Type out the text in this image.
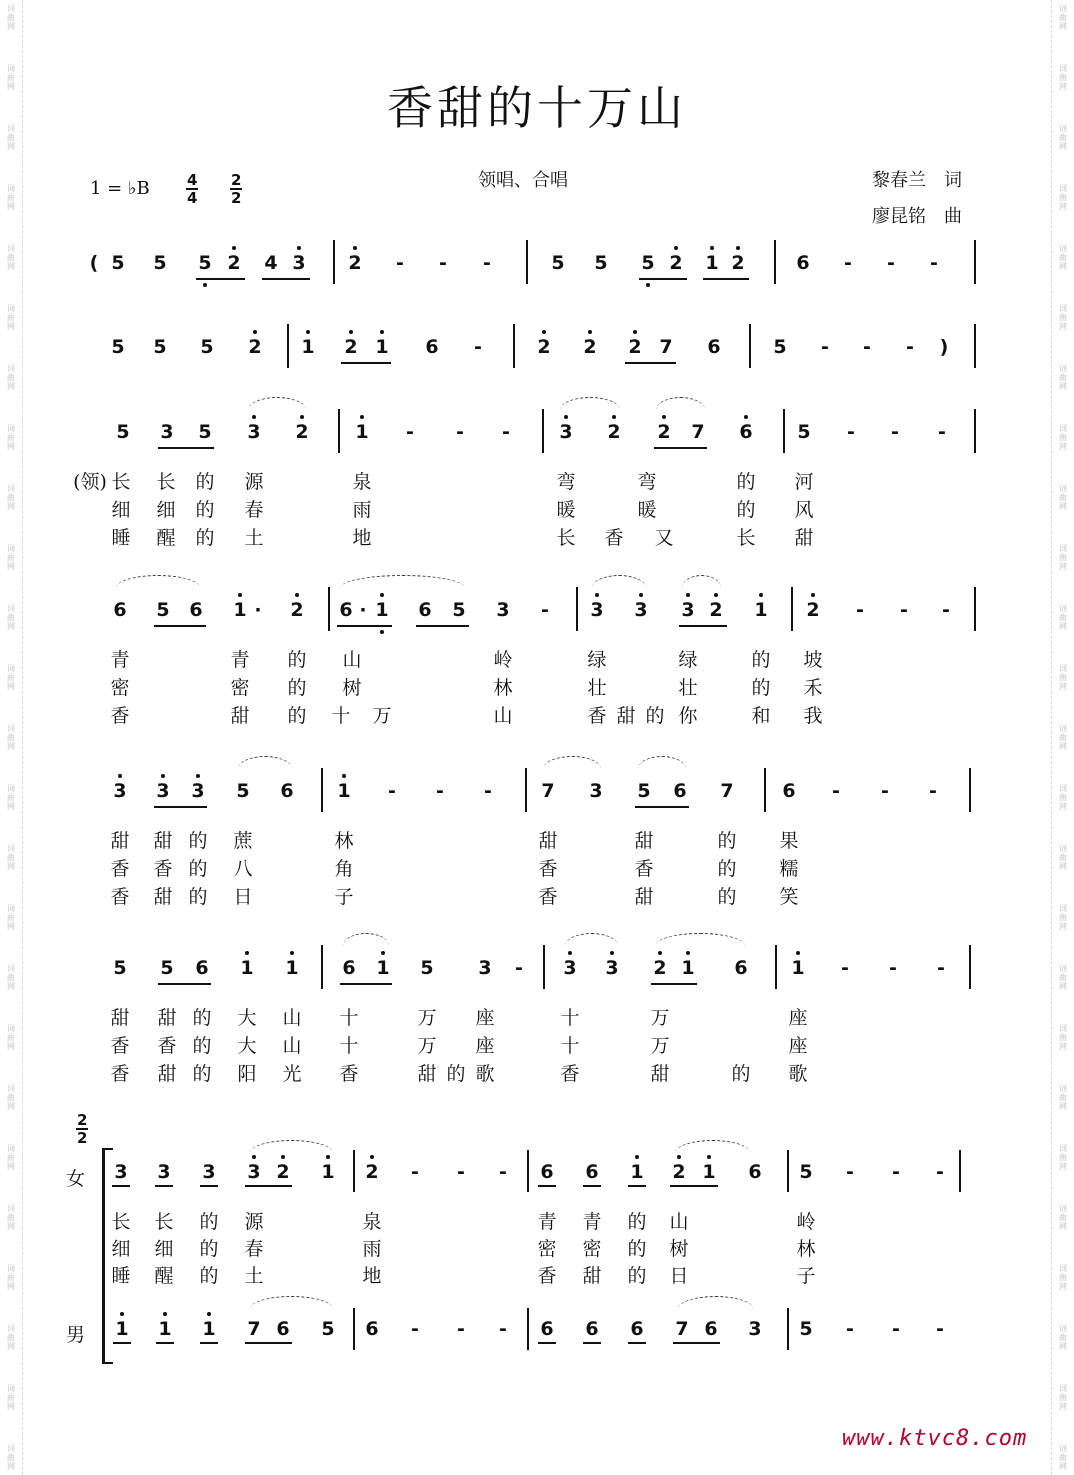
香甜的十万山
1 = ♭B $\frac{4}{4} \frac{2}{2}$	领唱、合唱	黎春兰　词
廖昆铭　曲
( 5 5 5 2 4 3 2 - - -	5 5 5 2 1 2	6 - - -
5 5 5 2 1 2 1 6 -	2 2 2 7 6	5 - - - )
5 3 5 3 2 1 - - -	3 2 2 7 6 5 - - -
(领) 长 长 的 源	泉	弯	弯	的 河
细 细 的 春	雨	暖	暖	的 风
睡 醒 的 土	地	长 香 又	长 甜
6 5 6 1 · 2 6 · 1 6 5 3 - 3 3 3 2 1 2 - - -
青	青 的 山	岭	绿	绿	的 坡
密	密 的 树	林	壮	壮	的 禾
香	甜 的 十 万	山	香 甜 的 你	和 我
3 3 3 5 6 1 - - -	7 3 5 6 7	6 - - -
甜 甜 的 蔗	林	甜	甜	的 果
香 香 的 八	角	香	香	的 糯
香 甜 的 日	子	香	甜	的 笑
5 5 6 1 1 6 1 5 3 - 3 3 2 1 6 1 - - -
甜 甜 的 大 山 十	万 座	十	万	座
香 香 的 大 山 十	万 座	十	万	座
香 甜 的 阳 光 香	甜 的 歌	香	甜	的 歌
3 3 3 3 2 1 2 - - - 6 6 1 2 1 6 5 - - -
长 长 的 源	泉	青 青 的 山	岭
细 细 的 春	雨	密 密 的 树	林
睡 醒 的 土	地	香 甜 的 日	子
1 1 1 7 6 5 6 - - - 6 6 6 7 6 3 5 - - -
$\frac{2}{2}$
女
男
www.ktvc8.com
词
曲
网
词
曲
网
词
曲
网
词
曲
网
词
曲
网
词
曲
网
词
曲
网
词
曲
网
词
曲
网
词
曲
网
词
曲
网
词
曲
网
词
曲
网
词
曲
网
词
曲
网
词
曲
网
词
曲
网
词
曲
网
词
曲
网
词
曲
网
词
曲
网
词
曲
网
词
曲
网
词
曲
网
词
曲
网
词
曲
网
词
曲
网
词
曲
网
词
曲
网
词
曲
网
词
曲
网
词
曲
网
词
曲
网
词
曲
网
词
曲
网
词
曲
网
词
曲
网
词
曲
网
词
曲
网
词
曲
网
词
曲
网
词
曲
网
词
曲
网
词
曲
网
词
曲
网
词
曲
网
词
曲
网
词
曲
网
词
曲
网
词
曲
网
